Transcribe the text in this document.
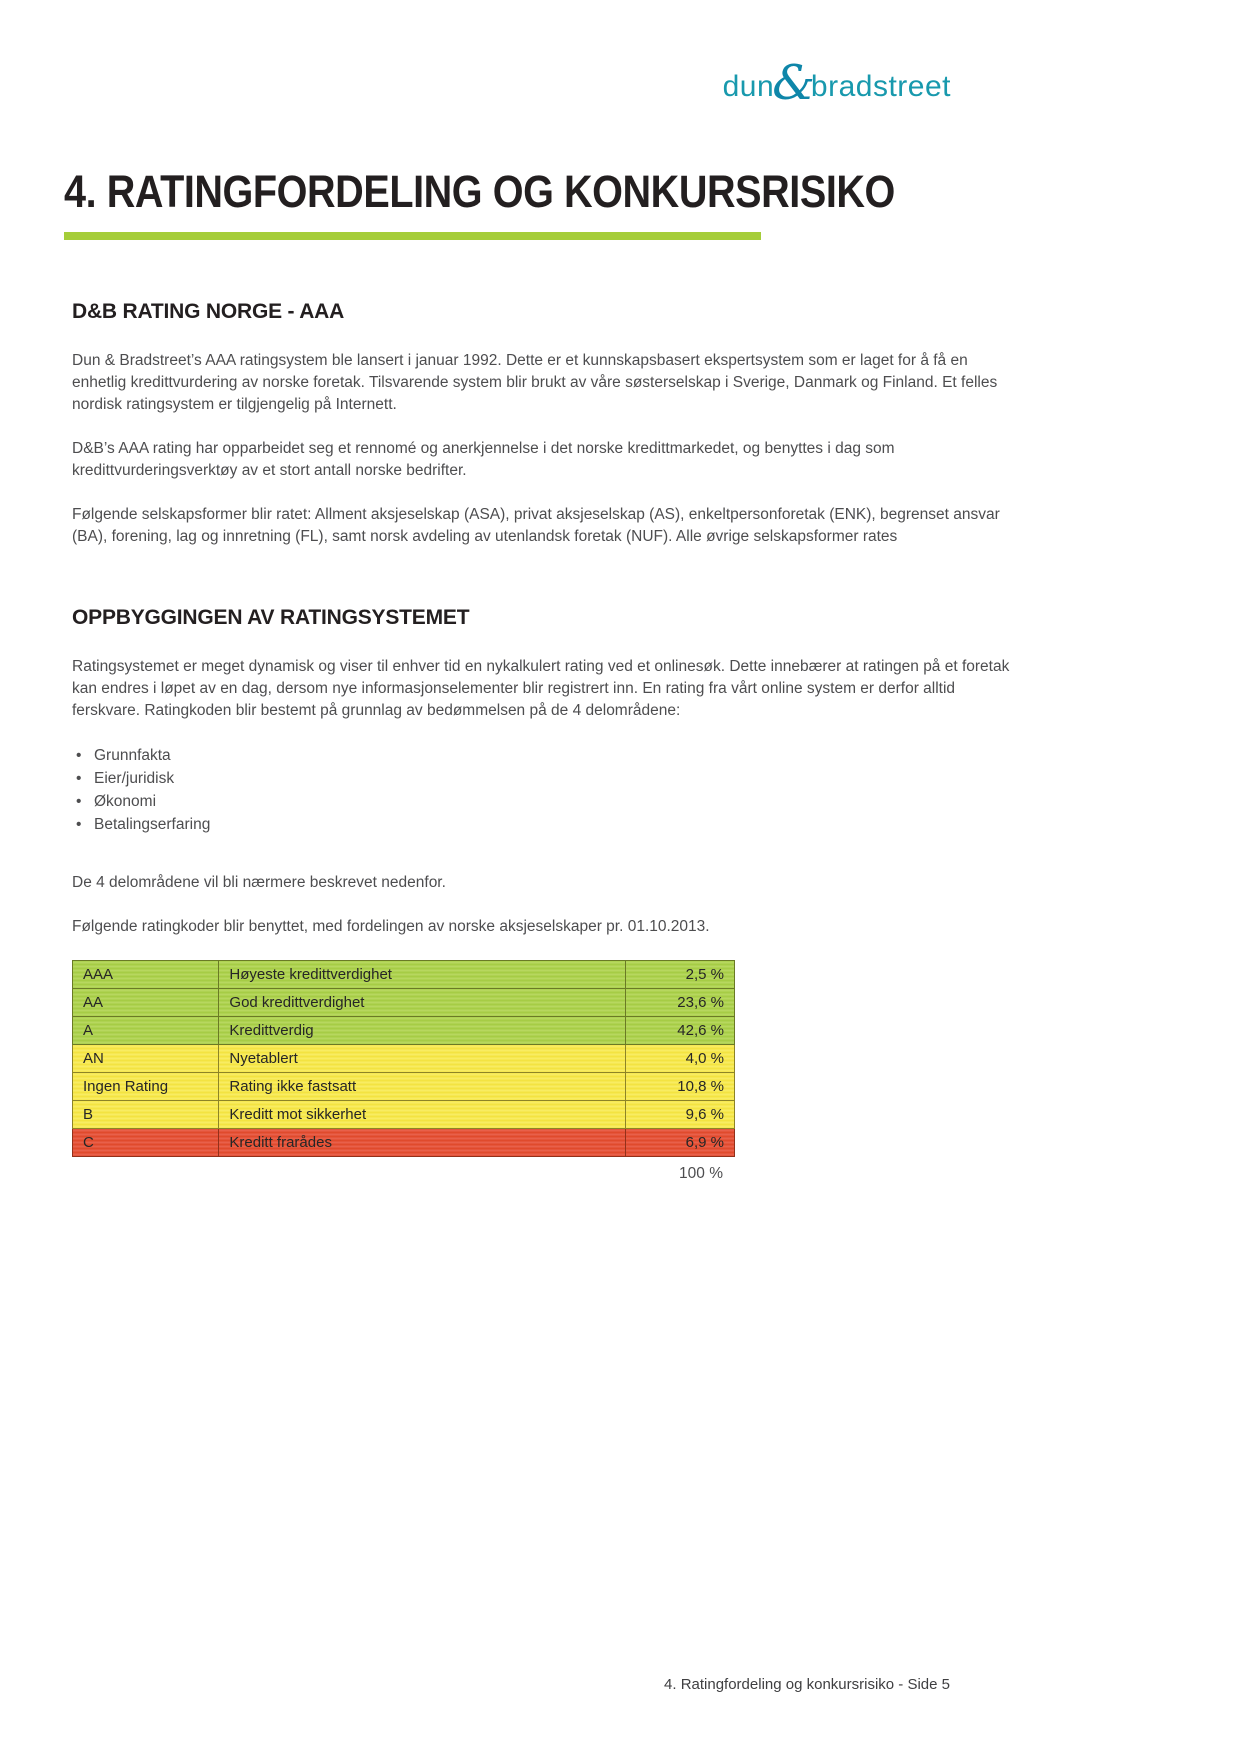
dun
&
bradstreet
4. RATINGFORDELING OG KONKURSRISIKO
D&B RATING NORGE - AAA

Dun & Bradstreet’s AAA ratingsystem ble lansert i januar 1992. Dette er et kunnskapsbasert ekspertsystem som er laget for å få en enhetlig kredittvurdering av norske foretak. Tilsvarende system blir brukt av våre søsterselskap i Sverige, Danmark og Finland. Et felles nordisk ratingsystem er tilgjengelig på Internett.

D&B’s AAA rating har opparbeidet seg et rennomé og anerkjennelse i det norske kredittmarkedet, og benyttes i dag som kredittvurderingsverktøy av et stort antall norske bedrifter.

Følgende selskapsformer blir ratet: Allment aksjeselskap (ASA), privat aksjeselskap (AS), enkeltpersonforetak (ENK), begrenset ansvar (BA), forening, lag og innretning (FL), samt norsk avdeling av utenlandsk foretak (NUF). Alle øvrige selskapsformer rates

OPPBYGGINGEN AV RATINGSYSTEMET

Ratingsystemet er meget dynamisk og viser til enhver tid en nykalkulert rating ved et onlinesøk. Dette innebærer at ratingen på et foretak kan endres i løpet av en dag, dersom nye informasjonselementer blir registrert inn. En rating fra vårt online system er derfor alltid ferskvare. Ratingkoden blir bestemt på grunnlag av bedømmelsen på de 4 delområdene:

• Grunnfakta
• Eier/juridisk
• Økonomi
• Betalingserfaring

De 4 delområdene vil bli nærmere beskrevet nedenfor.

Følgende ratingkoder blir benyttet, med fordelingen av norske aksjeselskaper pr. 01.10.2013.

AAA	Høyeste kredittverdighet	2,5 %
AA	God kredittverdighet	23,6 %
A	Kredittverdig	42,6 %
AN	Nyetablert	4,0 %
Ingen Rating	Rating ikke fastsatt	10,8 %
B	Kreditt mot sikkerhet	9,6 %
C	Kreditt frarådes	6,9 %
100 %
4. Ratingfordeling og konkursrisiko - Side 5
